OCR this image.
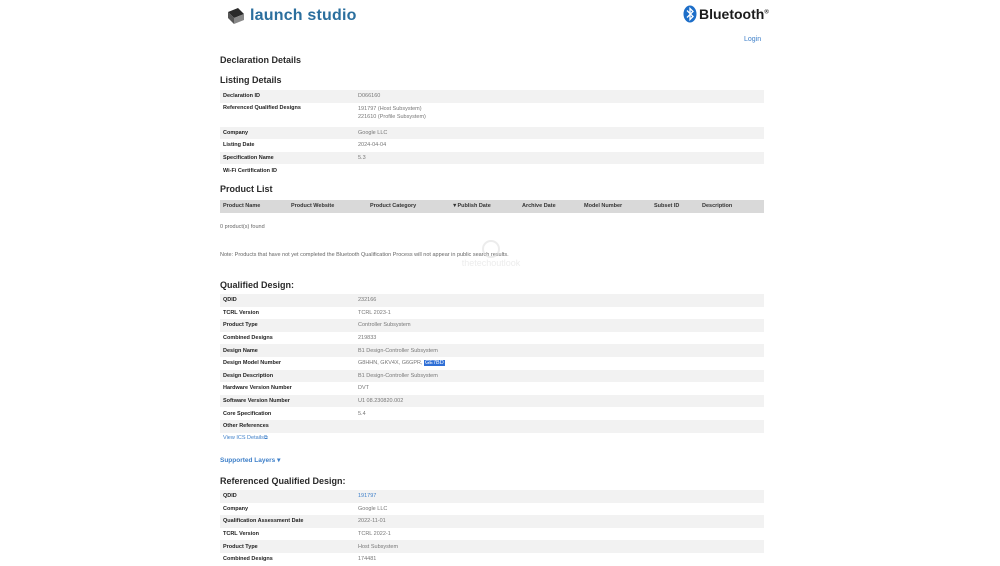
launch studio	Bluetooth®
Login
Declaration Details
Listing Details
Declaration ID	D066160
Referenced Qualified Designs	191797 (Host Subsystem)
221610 (Profile Subsystem)
Company	Google LLC
Listing Date	2024-04-04
Specification Name	5.3
Wi-Fi Certification ID	
Product List
Product Name	Product Website	Product Category	▼Publish Date	Archive Date	Model Number	Subset ID	Description
0 product(s) found
Note: Products that have not yet completed the Bluetooth Qualification Process will not appear in public search results.
thetechoutlook
Qualified Design:
QDID	232166
TCRL Version	TCRL 2023-1
Product Type	Controller Subsystem
Combined Designs	219833
Design Name	B1 Design-Controller Subsystem
Design Model Number	G8HHN, GKV4X, G6GPR, GE7BD
Design Description	B1 Design-Controller Subsystem
Hardware Version Number	DVT
Software Version Number	U1 08.230820.002
Core Specification	5.4
Other References	
View ICS Details⧉	
Supported Layers ▾
Referenced Qualified Design:
QDID	191797
Company	Google LLC
Qualification Assessment Date	2022-11-01
TCRL Version	TCRL 2022-1
Product Type	Host Subsystem
Combined Designs	174481
